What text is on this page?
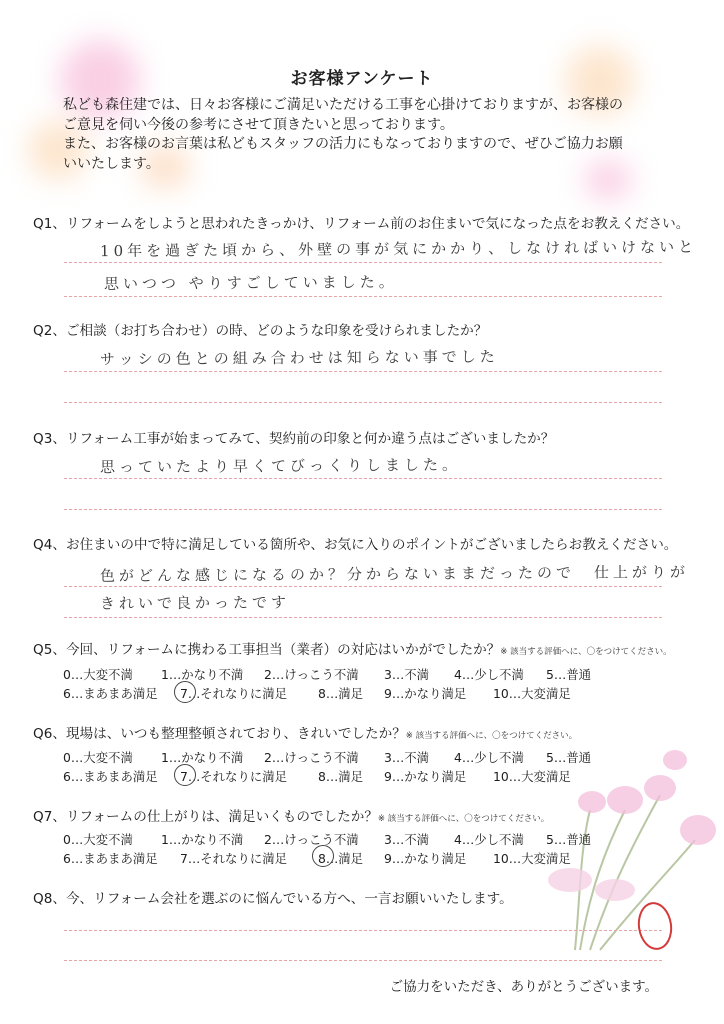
お客様アンケート
私ども森住建では、日々お客様にご満足いただける工事を心掛けておりますが、お客様の
ご意見を伺い今後の参考にさせて頂きたいと思っております。
また、お客様のお言葉は私どもスタッフの活力にもなっておりますので、ぜひご協力お願
いいたします。
Q1、リフォームをしようと思われたきっかけ、リフォーム前のお住まいで気になった点をお教えください。
10年を過ぎた頃から、外壁の事が気にかかり、しなければいけないと
思いつつ やりすごしていました。
Q2、ご相談（お打ち合わせ）の時、どのような印象を受けられましたか？
サッシの色との組み合わせは知らない事でした
Q3、リフォーム工事が始まってみて、契約前の印象と何か違う点はございましたか？
思っていたより早くてびっくりしました。
Q4、お住まいの中で特に満足している箇所や、お気に入りのポイントがございましたらお教えください。
色がどんな感じになるのか？分からないままだったので　仕上がりが
きれいで良かったです
Q5、今回、リフォームに携わる工事担当（業者）の対応はいかがでしたか？※ 該当する評価へに、〇をつけてください。
0…大変不満 1…かなり不満 2…けっこう不満 3…不満 4…少し不満 5…普通
6…まあまあ満足 7…それなりに満足 8…満足 9…かなり満足 10…大変満足
Q6、現場は、いつも整理整頓されており、きれいでしたか？※ 該当する評価へに、〇をつけてください。
0…大変不満 1…かなり不満 2…けっこう不満 3…不満 4…少し不満 5…普通
6…まあまあ満足 7…それなりに満足 8…満足 9…かなり満足 10…大変満足
Q7、リフォームの仕上がりは、満足いくものでしたか？※ 該当する評価へに、〇をつけてください。
0…大変不満 1…かなり不満 2…けっこう不満 3…不満 4…少し不満 5…普通
6…まあまあ満足 7…それなりに満足 8…満足 9…かなり満足 10…大変満足
Q8、今、リフォーム会社を選ぶのに悩んでいる方へ、一言お願いいたします。
ご協力をいただき、ありがとうございます。
